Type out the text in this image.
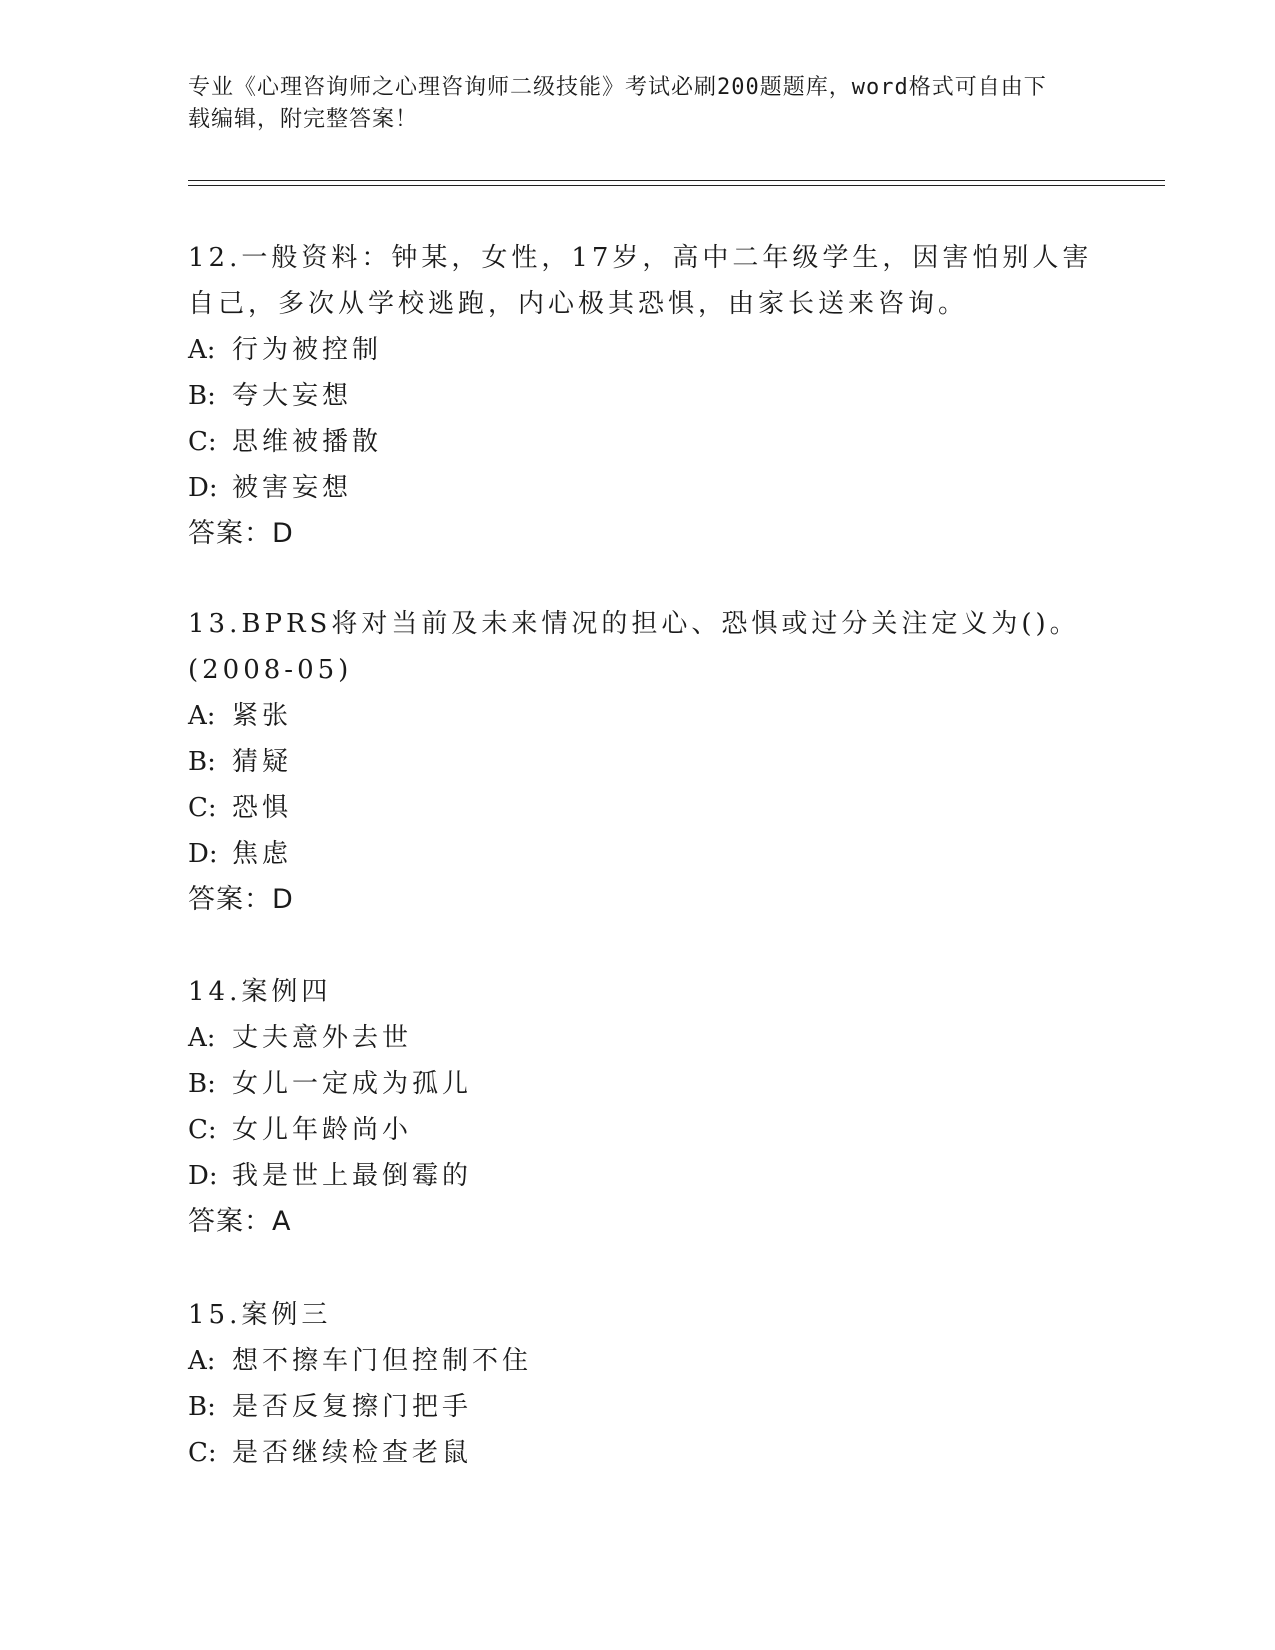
专业《心理咨询师之心理咨询师二级技能》考试必刷200题题库，word格式可自由下载编辑，附完整答案！
12.一般资料：钟某，女性，17岁，高中二年级学生，因害怕别人害自己，多次从学校逃跑，内心极其恐惧，由家长送来咨询。
A: 行为被控制
B: 夸大妄想
C: 思维被播散
D: 被害妄想
答案：D
13.BPRS将对当前及未来情况的担心、恐惧或过分关注定义为()。(2008-05)
A: 紧张
B: 猜疑
C: 恐惧
D: 焦虑
答案：D
14.案例四
A: 丈夫意外去世
B: 女儿一定成为孤儿
C: 女儿年龄尚小
D: 我是世上最倒霉的
答案：A
15.案例三
A: 想不擦车门但控制不住
B: 是否反复擦门把手
C: 是否继续检查老鼠
